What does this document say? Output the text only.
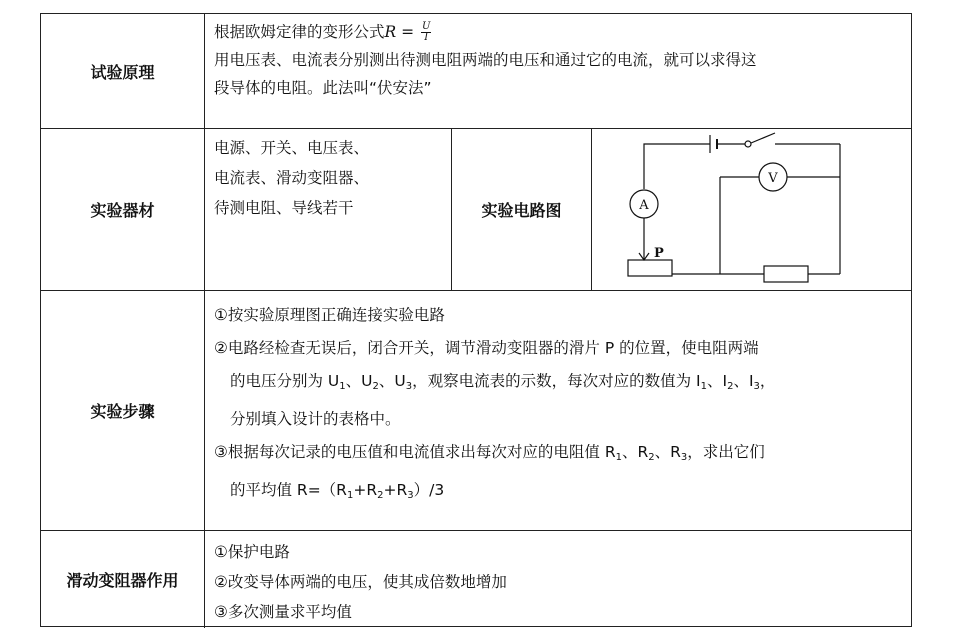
试验原理
根据欧姆定律的变形公式$R = \frac{U}{I}$
用电压表、电流表分别测出待测电阻两端的电压和通过它的电流，就可以求得这
段导体的电阻。此法叫“伏安法”
实验器材
电源、开关、电压表、
电流表、滑动变阻器、
待测电阻、导线若干	实验电路图	A
V
P
实验步骤
①按实验原理图正确连接实验电路
②电路经检查无误后，闭合开关，调节滑动变阻器的滑片 P 的位置，使电阻两端
的电压分别为 $U_1$、$U_2$、$U_3$，观察电流表的示数，每次对应的数值为 $I_1$、$I_2$、$I_3$，
分别填入设计的表格中。
③根据每次记录的电压值和电流值求出每次对应的电阻值 $R_1$、$R_2$、$R_3$，求出它们
的平均值 $R=(R_1+R_2+R_3)/3$
滑动变阻器作用
①保护电路
②改变导体两端的电压，使其成倍数地增加
③多次测量求平均值
